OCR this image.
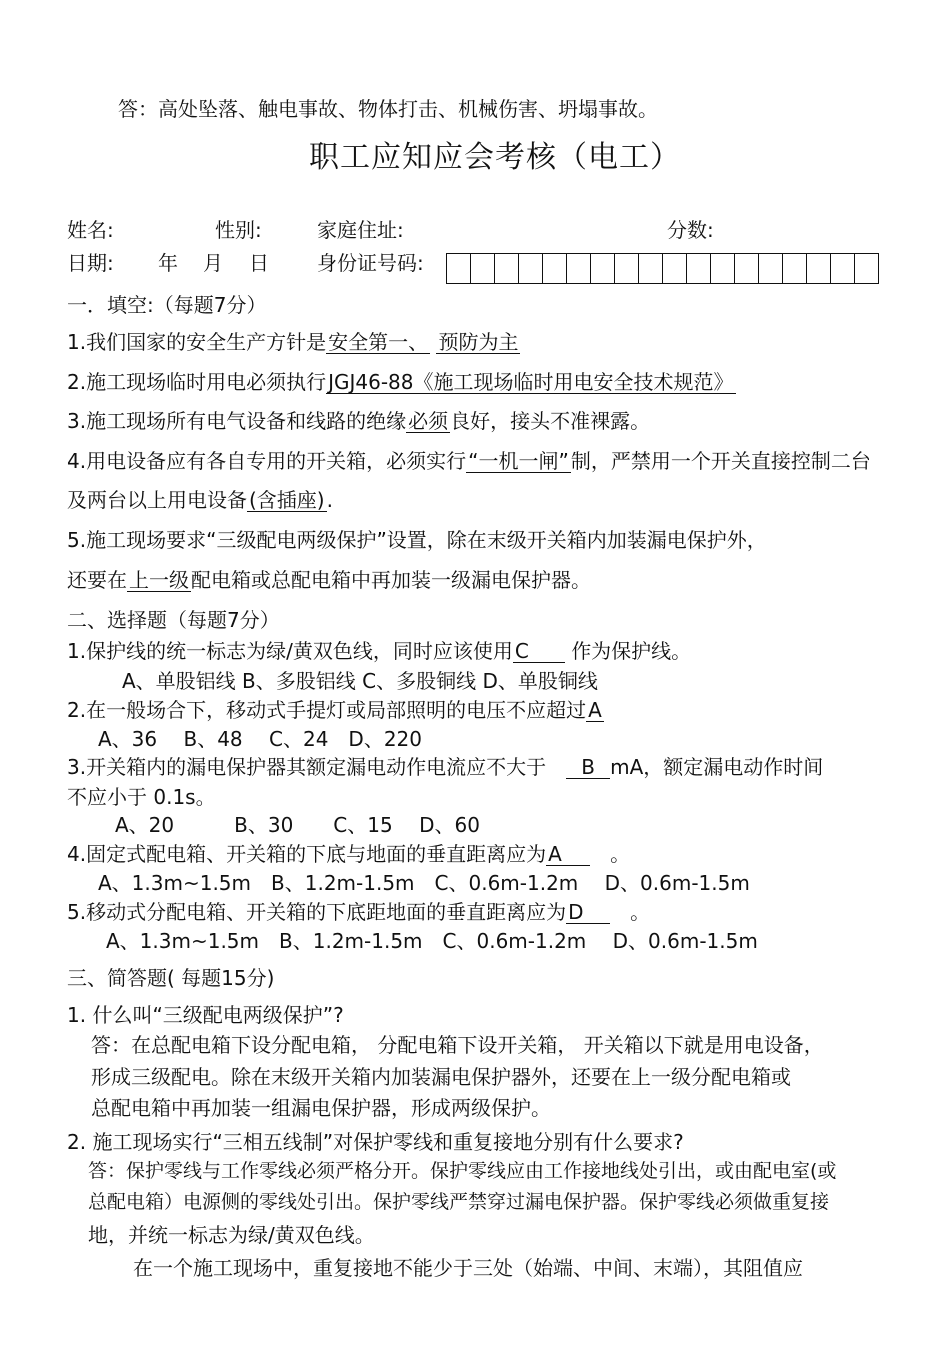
答：高处坠落、触电事故、物体打击、机械伤害、坍塌事故。
职工应知应会考核（电工）
姓名:	性别:	家庭住址:	分数:
日期: 年 月 日 身份证号码:
一．填空:（每题7分）
1.我们国家的安全生产方针是 安全第一、 预防为主
2.施工现场临时用电必须执行 JGJ46-88《施工现场临时用电安全技术规范》
3.施工现场所有电气设备和线路的绝缘 必须 良好，接头不准裸露。
4.用电设备应有各自专用的开关箱，必须实行 “一机一闸” 制，严禁用一个开关直接控制二台
及两台以上用电设备 (含插座) .
5.施工现场要求“三级配电两级保护”设置，除在末级开关箱内加装漏电保护外，
还要在 上一级 配电箱或总配电箱中再加装一级漏电保护器。
二、选择题（每题7分）
1.保护线的统一标志为绿/黄双色线，同时应该使用 C 作为保护线。
A、单股铝线 B、多股铝线 C、多股铜线 D、单股铜线
2.在一般场合下，移动式手提灯或局部照明的电压不应超过 A
A、36　 B、48　 C、24　D、220
3.开关箱内的漏电保护器其额定漏电动作电流应不大于　 B mA，额定漏电动作时间
不应小于 0.1s。
A、20　　　B、30　　C、15　 D、60
4.固定式配电箱、开关箱的下底与地面的垂直距离应为 A　 。
A、1.3m~1.5m　B、1.2m-1.5m　C、0.6m-1.2m　 D、0.6m-1.5m
5.移动式分配电箱、开关箱的下底距地面的垂直距离应为 D　 。
A、1.3m~1.5m　B、1.2m-1.5m　C、0.6m-1.2m　 D、0.6m-1.5m
三、简答题( 每题15分)
1. 什么叫“三级配电两级保护”?
答：在总配电箱下设分配电箱， 分配电箱下设开关箱， 开关箱以下就是用电设备，
形成三级配电。除在末级开关箱内加装漏电保护器外，还要在上一级分配电箱或
总配电箱中再加装一组漏电保护器，形成两级保护。
2. 施工现场实行“三相五线制”对保护零线和重复接地分别有什么要求?
答：保护零线与工作零线必须严格分开。保护零线应由工作接地线处引出，或由配电室(或
总配电箱）电源侧的零线处引出。保护零线严禁穿过漏电保护器。保护零线必须做重复接
地，并统一标志为绿/黄双色线。
在一个施工现场中，重复接地不能少于三处（始端、中间、末端），其阻值应
